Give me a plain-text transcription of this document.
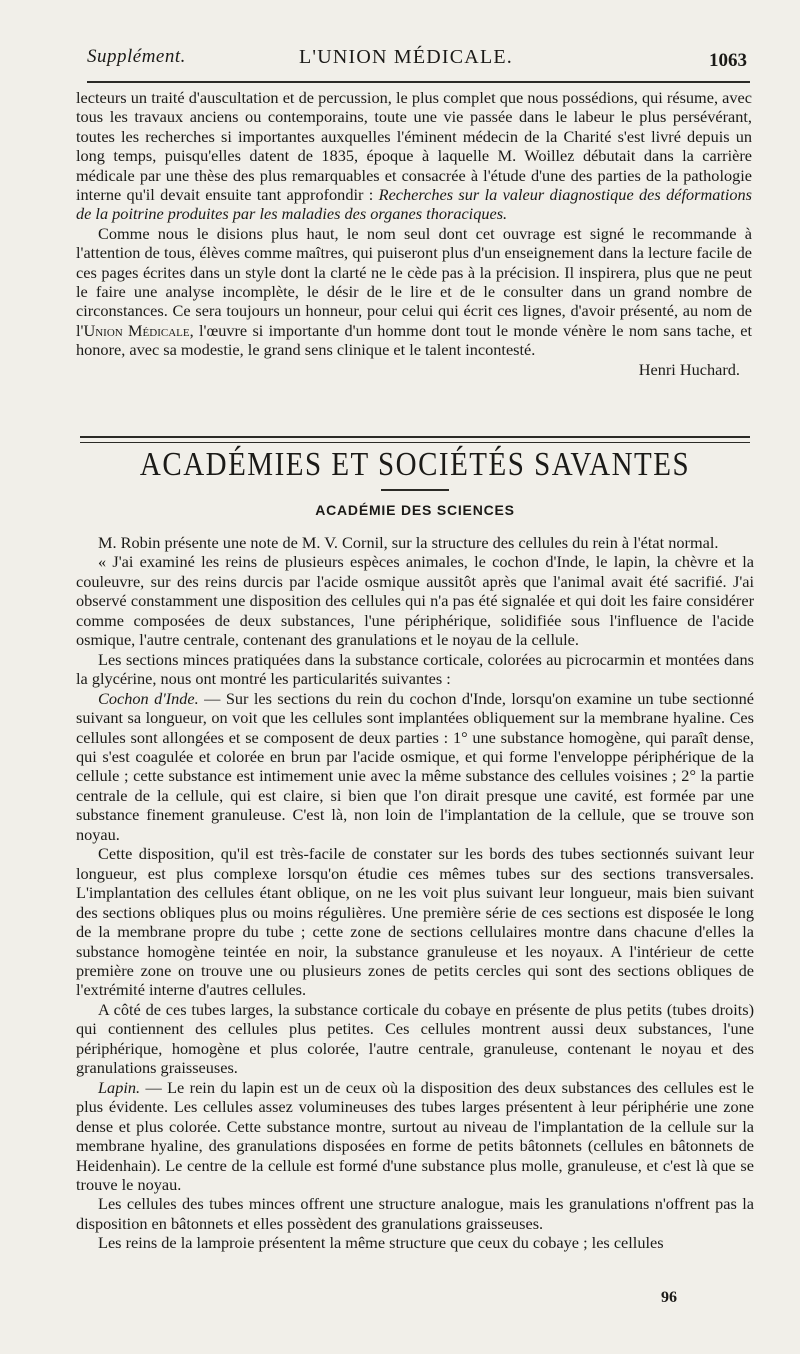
Supplément.	L'UNION MÉDICALE.	1063

lecteurs un traité d'auscultation et de percussion, le plus complet que nous possédions, qui résume, avec tous les travaux anciens ou contemporains, toute une vie passée dans le labeur le plus persévérant, toutes les recherches si importantes auxquelles l'éminent médecin de la Charité s'est livré depuis un long temps, puisqu'elles datent de 1835, époque à laquelle M. Woillez débutait dans la carrière médicale par une thèse des plus remarquables et consacrée à l'étude d'une des parties de la pathologie interne qu'il devait ensuite tant approfondir : Recherches sur la valeur diagnostique des déformations de la poitrine produites par les maladies des organes thoraciques.

Comme nous le disions plus haut, le nom seul dont cet ouvrage est signé le recommande à l'attention de tous, élèves comme maîtres, qui puiseront plus d'un enseignement dans la lecture facile de ces pages écrites dans un style dont la clarté ne le cède pas à la précision. Il inspirera, plus que ne peut le faire une analyse incomplète, le désir de le lire et de le consulter dans un grand nombre de circonstances. Ce sera toujours un honneur, pour celui qui écrit ces lignes, d'avoir présenté, au nom de l'Union Médicale, l'œuvre si importante d'un homme dont tout le monde vénère le nom sans tache, et honore, avec sa modestie, le grand sens clinique et le talent incontesté.

Henri Huchard.

ACADÉMIES ET SOCIÉTÉS SAVANTES
ACADÉMIE DES SCIENCES

M. Robin présente une note de M. V. Cornil, sur la structure des cellules du rein à l'état normal.

« J'ai examiné les reins de plusieurs espèces animales, le cochon d'Inde, le lapin, la chèvre et la couleuvre, sur des reins durcis par l'acide osmique aussitôt après que l'animal avait été sacrifié. J'ai observé constamment une disposition des cellules qui n'a pas été signalée et qui doit les faire considérer comme composées de deux substances, l'une périphérique, solidifiée sous l'influence de l'acide osmique, l'autre centrale, contenant des granulations et le noyau de la cellule.

Les sections minces pratiquées dans la substance corticale, colorées au picrocarmin et montées dans la glycérine, nous ont montré les particularités suivantes :

Cochon d'Inde. — Sur les sections du rein du cochon d'Inde, lorsqu'on examine un tube sectionné suivant sa longueur, on voit que les cellules sont implantées obliquement sur la membrane hyaline. Ces cellules sont allongées et se composent de deux parties : 1° une substance homogène, qui paraît dense, qui s'est coagulée et colorée en brun par l'acide osmique, et qui forme l'enveloppe périphérique de la cellule ; cette substance est intimement unie avec la même substance des cellules voisines ; 2° la partie centrale de la cellule, qui est claire, si bien que l'on dirait presque une cavité, est formée par une substance finement granuleuse. C'est là, non loin de l'implantation de la cellule, que se trouve son noyau.

Cette disposition, qu'il est très-facile de constater sur les bords des tubes sectionnés suivant leur longueur, est plus complexe lorsqu'on étudie ces mêmes tubes sur des sections transversales. L'implantation des cellules étant oblique, on ne les voit plus suivant leur longueur, mais bien suivant des sections obliques plus ou moins régulières. Une première série de ces sections est disposée le long de la membrane propre du tube ; cette zone de sections cellulaires montre dans chacune d'elles la substance homogène teintée en noir, la substance granuleuse et les noyaux. A l'intérieur de cette première zone on trouve une ou plusieurs zones de petits cercles qui sont des sections obliques de l'extrémité interne d'autres cellules.

A côté de ces tubes larges, la substance corticale du cobaye en présente de plus petits (tubes droits) qui contiennent des cellules plus petites. Ces cellules montrent aussi deux substances, l'une périphérique, homogène et plus colorée, l'autre centrale, granuleuse, contenant le noyau et des granulations graisseuses.

Lapin. — Le rein du lapin est un de ceux où la disposition des deux substances des cellules est le plus évidente. Les cellules assez volumineuses des tubes larges présentent à leur périphérie une zone dense et plus colorée. Cette substance montre, surtout au niveau de l'implantation de la cellule sur la membrane hyaline, des granulations disposées en forme de petits bâtonnets (cellules en bâtonnets de Heidenhain). Le centre de la cellule est formé d'une substance plus molle, granuleuse, et c'est là que se trouve le noyau.

Les cellules des tubes minces offrent une structure analogue, mais les granulations n'offrent pas la disposition en bâtonnets et elles possèdent des granulations graisseuses.

Les reins de la lamproie présentent la même structure que ceux du cobaye ; les cellules

96
